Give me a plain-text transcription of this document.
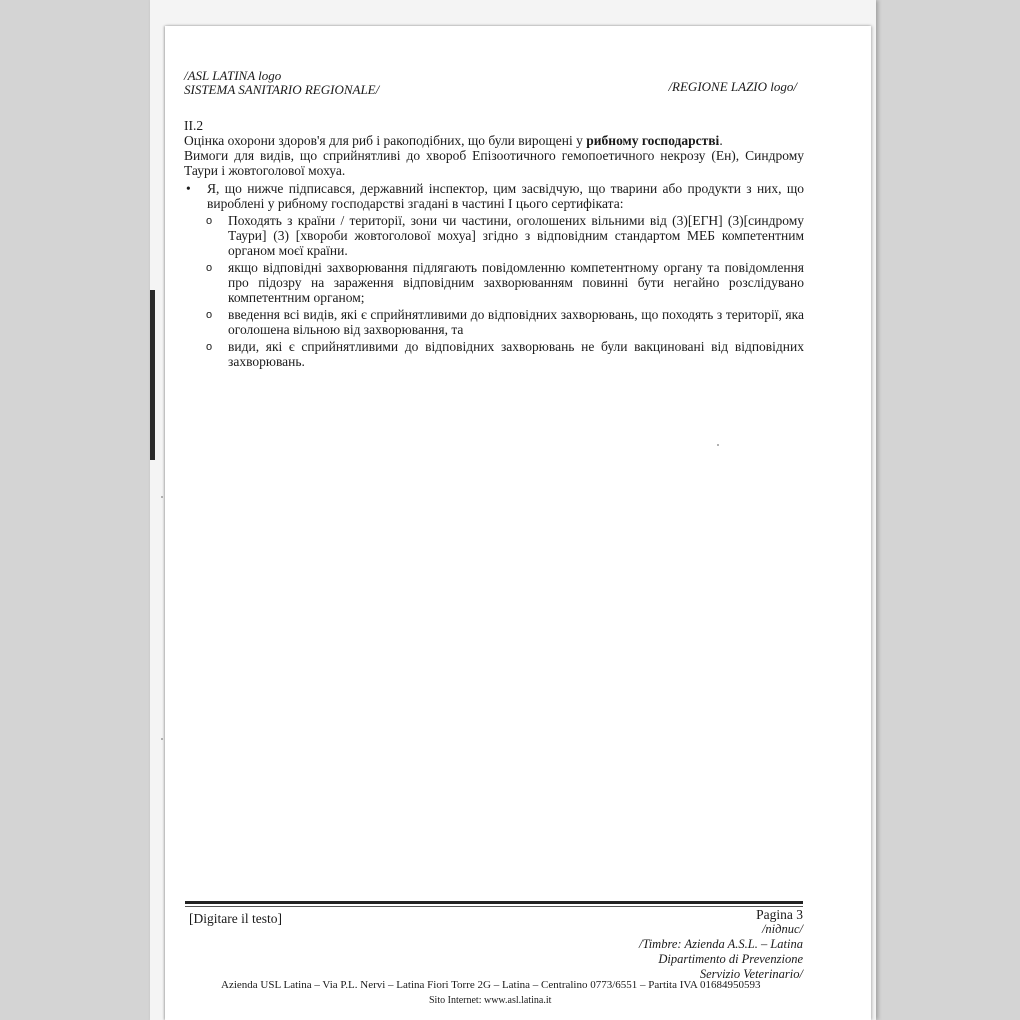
/ASL LATINA logo
SISTEMA SANITARIO REGIONALE/	/REGIONE LAZIO logo/

II.2

Оцінка охорони здоров'я для риб і ракоподібних, що були вирощені у рибному господарстві.

Вимоги для видів, що сприйнятливі до хвороб Епізоотичного гемопоетичного некрозу (Ен), Синдрому Таури і жовтоголової мохуа.

• Я, що нижче підписався, державний інспектор, цим засвідчую, що тварини або продукти з них, що вироблені у рибному господарстві згадані в частині I цього сертифіката:
o Походять з країни / території, зони чи частини, оголошених вільними від (3)[ЕГН] (3)[синдрому Таури] (3) [хвороби жовтоголової мохуа] згідно з відповідним стандартом МЕБ компетентним органом моєї країни.
o якщо відповідні захворювання підлягають повідомленню компетентному органу та повідомлення про підозру на зараження відповідним захворюванням повинні бути негайно розслідувано компетентним органом;
o введення всі видів, які є сприйнятливими до відповідних захворювань, що походять з території, яка оголошена вільною від захворювання, та
o види, які є сприйнятливими до відповідних захворювань не були вакциновані від відповідних захворювань.
[Digitare il testo]	Pagina 3
/підпис/
/Timbre: Azienda A.S.L. – Latina
Dipartimento di Prevenzione
Servizio Veterinario/
Azienda USL Latina – Via P.L. Nervi – Latina Fiori Torre 2G – Latina – Centralino 0773/6551 – Partita IVA 01684950593
Sito Internet: www.asl.latina.it
